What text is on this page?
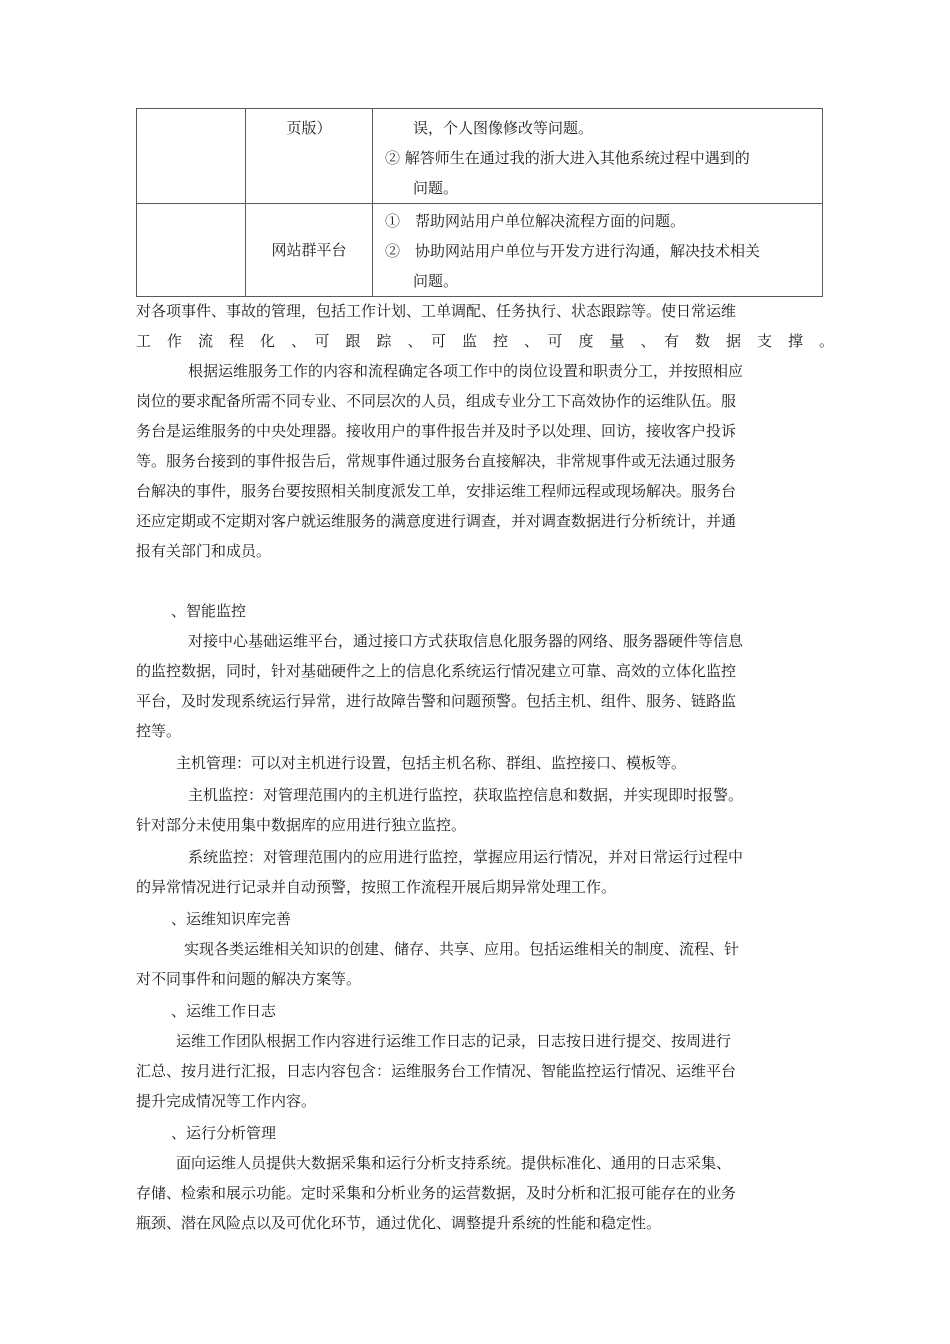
	页版）	误，个人图像修改等问题。
② 解答师生在通过我的浙大进入其他系统过程中遇到的
问题。

	网站群平台	①　帮助网站用户单位解决流程方面的问题。
②　协助网站用户单位与开发方进行沟通，解决技术相关
问题。
对各项事件、事故的管理，包括工作计划、工单调配、任务执行、状态跟踪等。使日常运维
工　作　流　程　化　、　可　跟　踪　、　可　监　控　、　可　度　量　、　有　数　据　支　撑　。
根据运维服务工作的内容和流程确定各项工作中的岗位设置和职责分工，并按照相应
岗位的要求配备所需不同专业、不同层次的人员，组成专业分工下高效协作的运维队伍。服
务台是运维服务的中央处理器。接收用户的事件报告并及时予以处理、回访，接收客户投诉
等。服务台接到的事件报告后，常规事件通过服务台直接解决，非常规事件或无法通过服务
台解决的事件，服务台要按照相关制度派发工单，安排运维工程师远程或现场解决。服务台
还应定期或不定期对客户就运维服务的满意度进行调查，并对调查数据进行分析统计，并通
报有关部门和成员。
、智能监控
对接中心基础运维平台，通过接口方式获取信息化服务器的网络、服务器硬件等信息
的监控数据，同时，针对基础硬件之上的信息化系统运行情况建立可靠、高效的立体化监控
平台，及时发现系统运行异常，进行故障告警和问题预警。包括主机、组件、服务、链路监
控等。
主机管理：可以对主机进行设置，包括主机名称、群组、监控接口、模板等。
主机监控：对管理范围内的主机进行监控，获取监控信息和数据，并实现即时报警。
针对部分未使用集中数据库的应用进行独立监控。
系统监控：对管理范围内的应用进行监控，掌握应用运行情况，并对日常运行过程中
的异常情况进行记录并自动预警，按照工作流程开展后期异常处理工作。
、运维知识库完善
实现各类运维相关知识的创建、储存、共享、应用。包括运维相关的制度、流程、针
对不同事件和问题的解决方案等。
、运维工作日志
运维工作团队根据工作内容进行运维工作日志的记录，日志按日进行提交、按周进行
汇总、按月进行汇报，日志内容包含：运维服务台工作情况、智能监控运行情况、运维平台
提升完成情况等工作内容。
、运行分析管理
面向运维人员提供大数据采集和运行分析支持系统。提供标准化、通用的日志采集、
存储、检索和展示功能。定时采集和分析业务的运营数据，及时分析和汇报可能存在的业务
瓶颈、潜在风险点以及可优化环节，通过优化、调整提升系统的性能和稳定性。
